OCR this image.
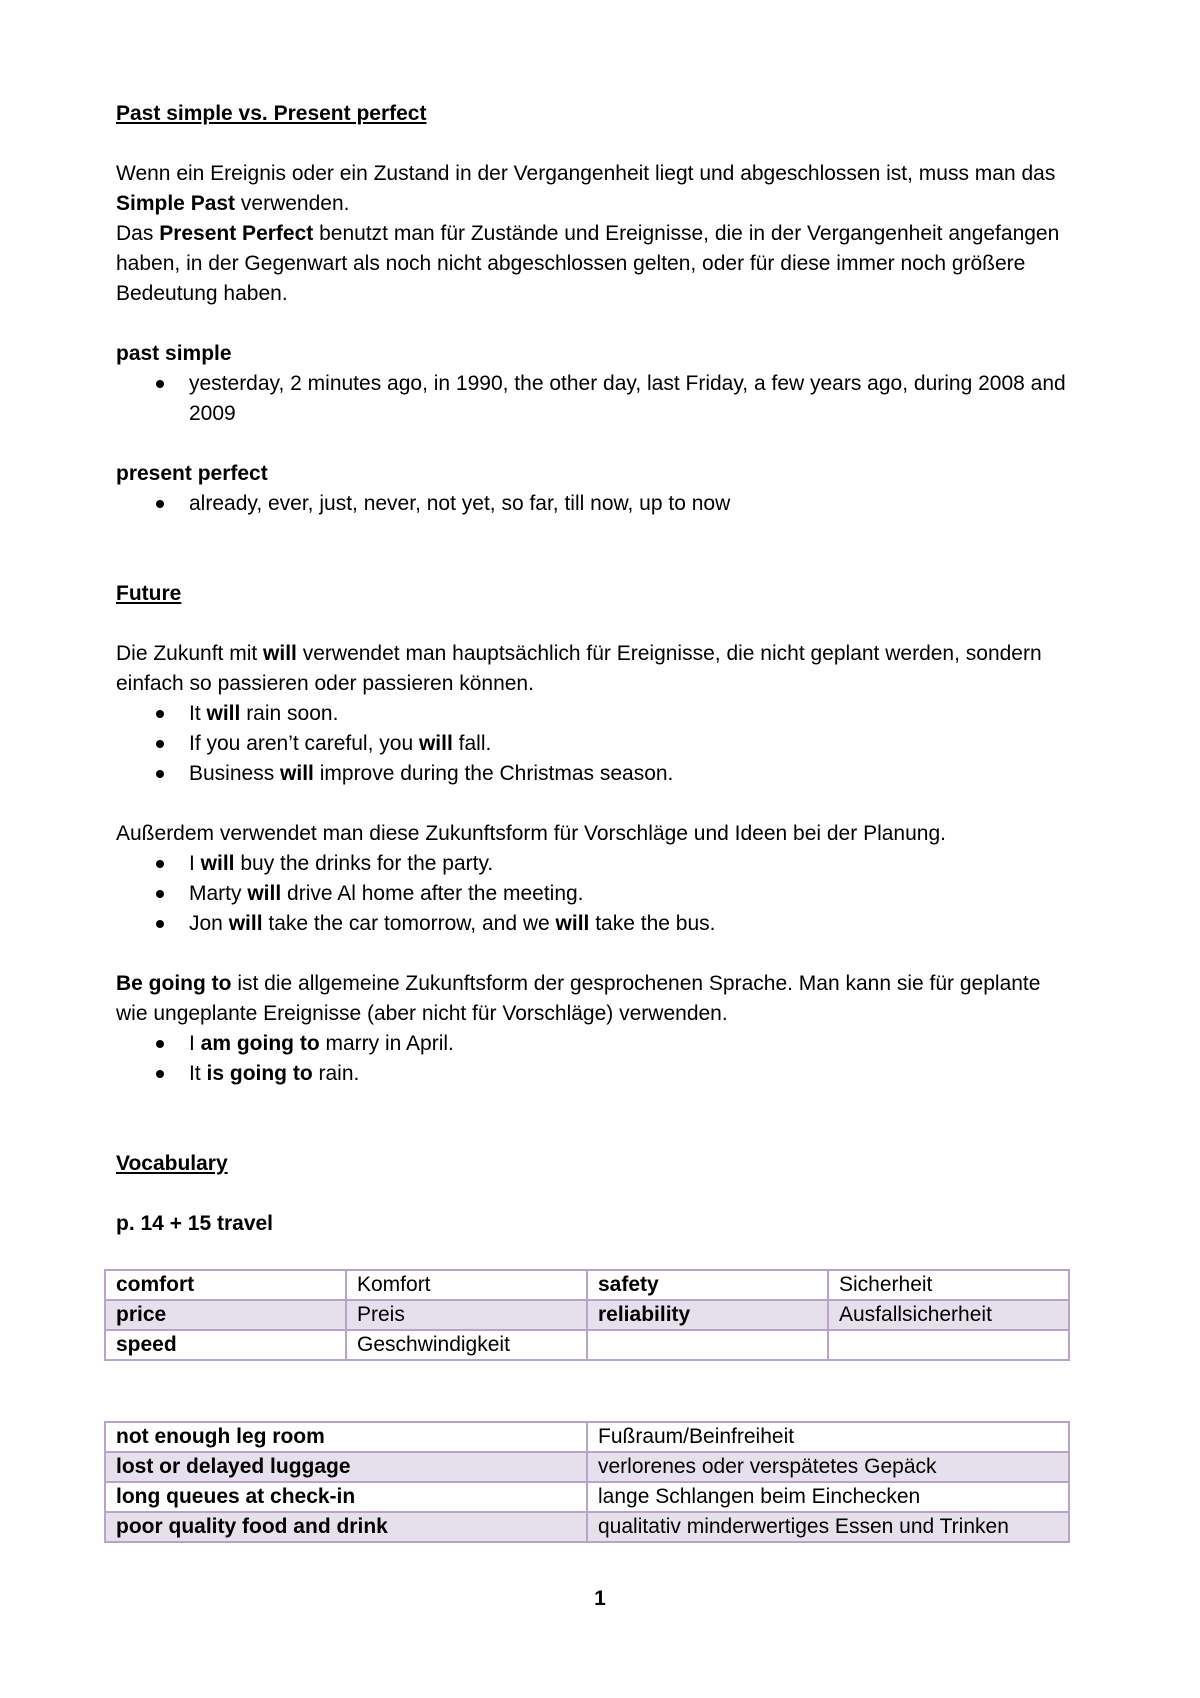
Past simple vs. Present perfect

Wenn ein Ereignis oder ein Zustand in der Vergangenheit liegt und abgeschlossen ist, muss man das Simple Past verwenden.

Das Present Perfect benutzt man für Zustände und Ereignisse, die in der Vergangenheit angefangen haben, in der Gegenwart als noch nicht abgeschlossen gelten, oder für diese immer noch größere Bedeutung haben.

past simple

yesterday, 2 minutes ago, in 1990, the other day, last Friday, a few years ago, during 2008 and 2009

present perfect

already, ever, just, never, not yet, so far, till now, up to now
Future

Die Zukunft mit will verwendet man hauptsächlich für Ereignisse, die nicht geplant werden, sondern einfach so passieren oder passieren können.

It will rain soon.
If you aren’t careful, you will fall.
Business will improve during the Christmas season.

Außerdem verwendet man diese Zukunftsform für Vorschläge und Ideen bei der Planung.

I will buy the drinks for the party.
Marty will drive Al home after the meeting.
Jon will take the car tomorrow, and we will take the bus.

Be going to ist die allgemeine Zukunftsform der gesprochenen Sprache. Man kann sie für geplante wie ungeplante Ereignisse (aber nicht für Vorschläge) verwenden.

I am going to marry in April.
It is going to rain.
Vocabulary

p. 14 + 15 travel

comfort	Komfort	safety	Sicherheit
price	Preis	reliability	Ausfallsicherheit
speed	Geschwindigkeit		
not enough leg room	Fußraum/Beinfreiheit
lost or delayed luggage	verlorenes oder verspätetes Gepäck
long queues at check-in	lange Schlangen beim Einchecken
poor quality food and drink	qualitativ minderwertiges Essen und Trinken
1
